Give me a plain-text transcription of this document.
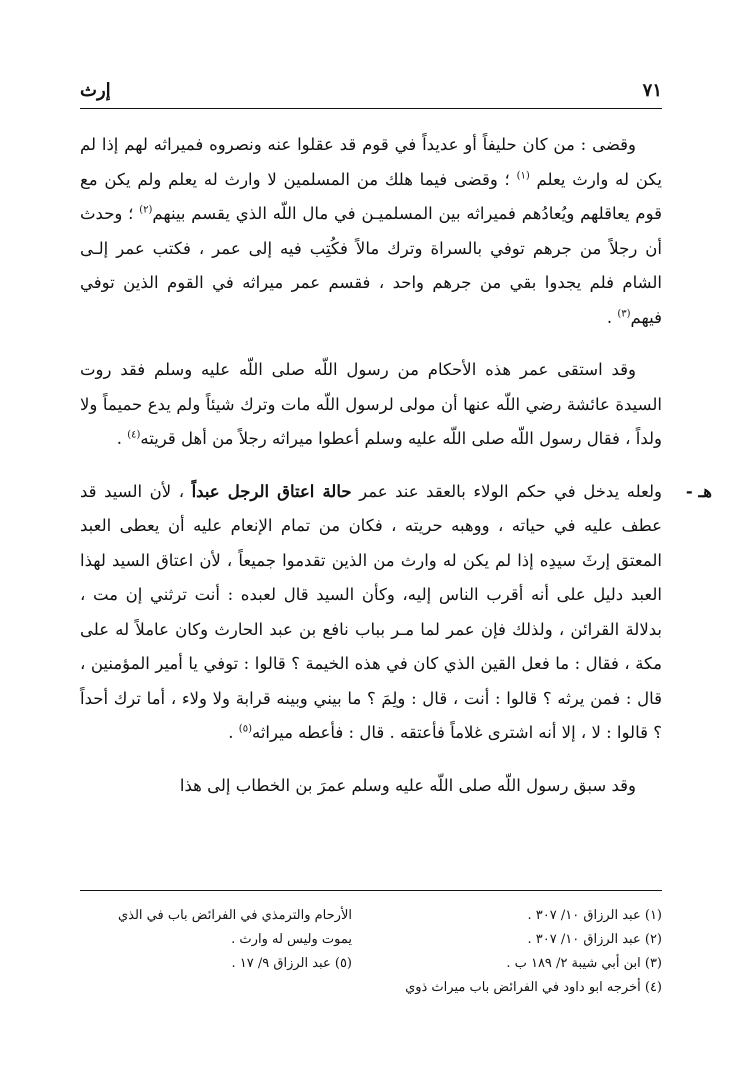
٧١
إرث

وقضى : من كان حليفاً أو عديداً في قوم قد عقلوا عنه ونصروه فميراثه لهم إذا لم يكن له وارث يعلم $^{(١)}$ ؛ وقضى فيما هلك من المسلمين لا وارث له يعلم ولم يكن مع قوم يعاقلهم ويُعادُهم فميراثه بين المسلميـن في مال اللّه الذي يقسم بينهم$^{(٢)}$ ؛ وحدث أن رجلاً من جرهم توفي بالسراة وترك مالاً فكُتِب فيه إلى عمر ، فكتب عمر إلـى الشام فلم يجدوا بقي من جرهم واحد ، فقسم عمر ميراثه في القوم الذين توفي فيهم$^{(٣)}$ .

وقد استقى عمر هذه الأحكام من رسول اللّه صلى اللّه عليه وسلم فقد روت السيدة عائشة رضي اللّه عنها أن مولى لرسول اللّه مات وترك شيئاً ولم يدع حميماً ولا ولداً ، فقال رسول اللّه صلى اللّه عليه وسلم أعطوا ميراثه رجلاً من أهل قريته$^{(٤)}$ .

هـ -
ولعله يدخل في حكم الولاء بالعقد عند عمر حالة اعتاق الرجل عبداً ، لأن السيد قد عطف عليه في حياته ، ووهبه حريته ، فكان من تمام الإنعام عليه أن يعطى العبد المعتق إرثَ سيدِه إذا لم يكن له وارث من الذين تقدموا جميعاً ، لأن اعتاق السيد لهذا العبد دليل على أنه أقرب الناس إليه، وكأن السيد قال لعبده : أنت ترثني إن مت ، بدلالة القرائن ، ولذلك فإن عمر لما مـر بباب نافع بن عبد الحارث وكان عاملاً له على مكة ، فقال : ما فعل القين الذي كان في هذه الخيمة ؟ قالوا : توفي يا أمير المؤمنين ، قال : فمن يرثه ؟ قالوا : أنت ، قال : ولِمَ ؟ ما بيني وبينه قرابة ولا ولاء ، أما ترك أحداً ؟ قالوا : لا ، إلا أنه اشترى غلاماً فأعتقه . قال : فأعطه ميراثه$^{(٥)}$ .

وقد سبق رسول اللّه صلى اللّه عليه وسلم عمرَ بن الخطاب إلى هذا

(١) عبد الرزاق ١٠/ ٣٠٧ .
(٢) عبد الرزاق ١٠/ ٣٠٧ .
(٣) ابن أبي شيبة ٢/ ١٨٩ ب .
الأرحام والترمذي في الفرائض باب في الذي
يموت وليس له وارث .
(٥) عبد الرزاق ٩/ ١٧ .
(٤) أخرجه ابو داود في الفرائض باب ميراث ذوي
